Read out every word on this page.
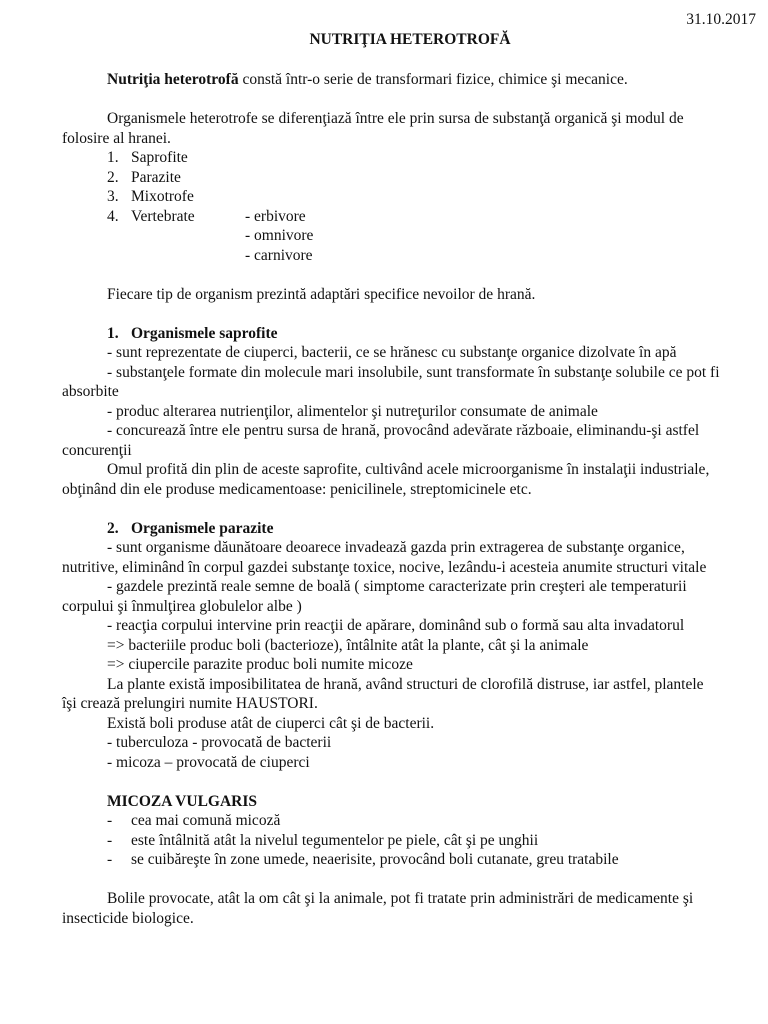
31.10.2017
NUTRIŢIA HETEROTROFĂ

Nutriţia heterotrofă constă într-o serie de transformari fizice, chimice şi mecanice.

Organismele heterotrofe se diferenţiază între ele prin sursa de substanţă organică şi modul de folosire al hranei.

1. Saprofite
2. Parazite
3. Mixotrofe
4. Vertebrate	- erbivore
- omnivore
- carnivore

Fiecare tip de organism prezintă adaptări specifice nevoilor de hrană.

1. Organismele saprofite

- sunt reprezentate de ciuperci, bacterii, ce se hrănesc cu substanţe organice dizolvate în apă

- substanţele formate din molecule mari insolubile, sunt transformate în substanţe solubile ce pot fi absorbite

- produc alterarea nutrienţilor, alimentelor şi nutreţurilor consumate de animale

- concurează între ele pentru sursa de hrană, provocând adevărate războaie, eliminandu-şi astfel concurenţii

Omul profită din plin de aceste saprofite, cultivând acele microorganisme în instalaţii industriale, obţinând din ele produse medicamentoase: penicilinele, streptomicinele etc.

2. Organismele parazite

- sunt organisme dăunătoare deoarece invadează gazda prin extragerea de substanţe organice, nutritive, eliminând în corpul gazdei substanţe toxice, nocive, lezându-i acesteia anumite structuri vitale

- gazdele prezintă reale semne de boală ( simptome caracterizate prin creşteri ale temperaturii corpului şi înmulţirea globulelor albe )

- reacţia corpului intervine prin reacţii de apărare, dominând sub o formă sau alta invadatorul

=> bacteriile produc boli (bacterioze), întâlnite atât la plante, cât şi la animale

=> ciupercile parazite produc boli numite micoze

La plante există imposibilitatea de hrană, având structuri de clorofilă distruse, iar astfel, plantele îşi crează prelungiri numite HAUSTORI.

Există boli produse atât de ciuperci cât şi de bacterii.

- tuberculoza - provocată de bacterii

- micoza – provocată de ciuperci

MICOZA VULGARIS
-	cea mai comună micoză
-	este întâlnită atât la nivelul tegumentelor pe piele, cât şi pe unghii
-	se cuibăreşte în zone umede, neaerisite, provocând boli cutanate, greu tratabile

Bolile provocate, atât la om cât şi la animale, pot fi tratate prin administrări de medicamente şi insecticide biologice.
